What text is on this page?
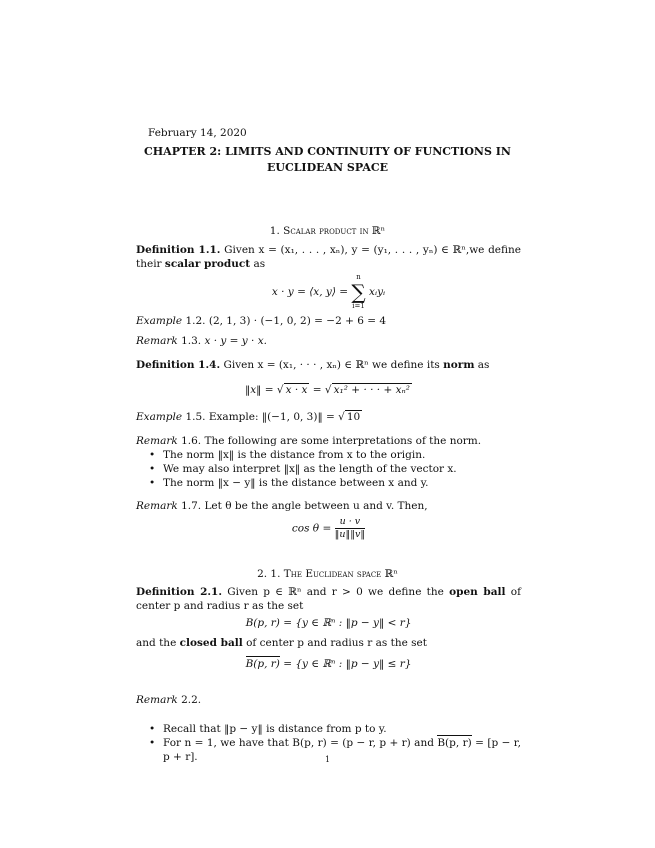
February 14, 2020
CHAPTER 2: LIMITS AND CONTINUITY OF FUNCTIONS IN
EUCLIDEAN SPACE
1. Scalar product in ℝⁿ
Definition 1.1. Given x = (x₁, . . . , xₙ), y = (y₁, . . . , yₙ) ∈ ℝⁿ,we define their scalar product as
x · y = ⟨x, y⟩ =
n
∑
i=1
xᵢyᵢ
Example 1.2. (2, 1, 3) · (−1, 0, 2) = −2 + 6 = 4
Remark 1.3. x · y = y · x.
Definition 1.4. Given x = (x₁, · · · , xₙ) ∈ ℝⁿ we define its norm as
‖x‖ = √ x · x = √ x₁² + · · · + xₙ²
Example 1.5. Example: ‖(−1, 0, 3)‖ = √ 10
Remark 1.6. The following are some interpretations of the norm.
• The norm ‖x‖ is the distance from x to the origin.
• We may also interpret ‖x‖ as the length of the vector x.
• The norm ‖x − y‖ is the distance between x and y.
Remark 1.7. Let θ be the angle between u and v. Then,
$\cos \theta = \frac{u \cdot v}{‖u‖‖v‖}$
2. 1. The Euclidean space ℝⁿ
Definition 2.1. Given p ∈ ℝⁿ and r > 0 we define the open ball of center p and radius r as the set
B(p, r) = {y ∈ ℝⁿ : ‖p − y‖ < r}
and the closed ball of center p and radius r as the set
B(p, r) = {y ∈ ℝⁿ : ‖p − y‖ ≤ r}
Remark 2.2.
• Recall that ‖p − y‖ is distance from p to y.
• For n = 1, we have that B(p, r) = (p − r, p + r) and B(p, r) = [p − r, p + r].	1
